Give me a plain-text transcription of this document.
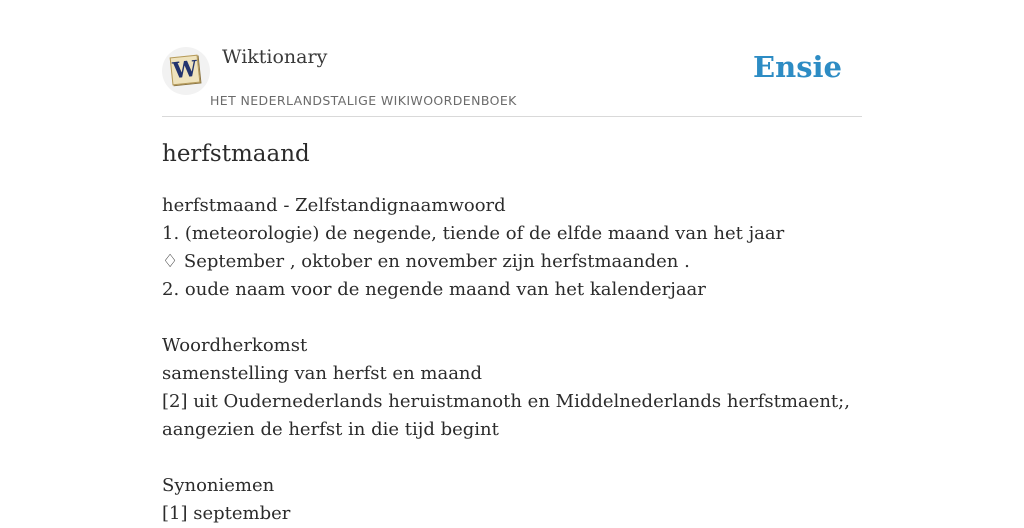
W Wiktionary
HET NEDERLANDSTALIGE WIKIWOORDENBOEK
Ensie
herfstmaand
herfstmaand - Zelfstandignaamwoord
1. (meteorologie) de negende, tiende of de elfde maand van het jaar
♢ September , oktober en november zijn herfstmaanden .
2. oude naam voor de negende maand van het kalenderjaar
Woordherkomst
samenstelling van herfst en maand
[2] uit Oudernederlands heruistmanoth en Middelnederlands herfstmaent;,
aangezien de herfst in die tijd begint
Synoniemen
[1] september
